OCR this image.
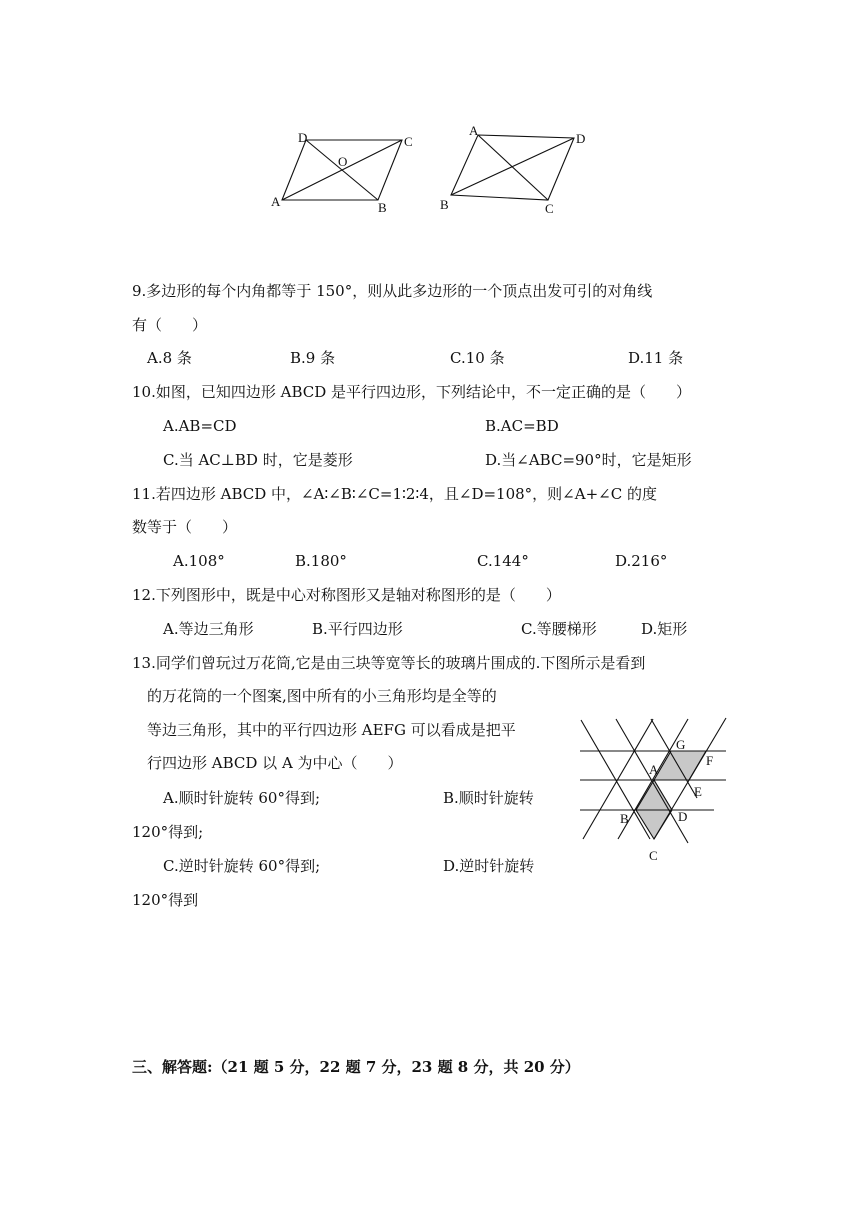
D	C
O
A	B
A
D
B	C
9.多边形的每个内角都等于 150°，则从此多边形的一个顶点出发可引的对角线
有（　　）
A.8 条	B.9 条	C.10 条	D.11 条
10.如图，已知四边形 ABCD 是平行四边形，下列结论中，不一定正确的是（　　）
A.AB=CD	B.AC=BD
C.当 AC⊥BD 时，它是菱形	D.当∠ABC=90°时，它是矩形
11.若四边形 ABCD 中，∠A∶∠B∶∠C=1∶2∶4，且∠D=108°，则∠A+∠C 的度
数等于（　　）
A.108°	B.180°	C.144°	D.216°
12.下列图形中，既是中心对称图形又是轴对称图形的是（　　）
A.等边三角形	B.平行四边形	C.等腰梯形	D.矩形
13.同学们曾玩过万花筒,它是由三块等宽等长的玻璃片围成的.下图所示是看到
的万花筒的一个图案,图中所有的小三角形均是全等的
等边三角形，其中的平行四边形 AEFG 可以看成是把平
行四边形 ABCD 以 A 为中心（　　）
A.顺时针旋转 60°得到;	B.顺时针旋转
120°得到;
C.逆时针旋转 60°得到;	D.逆时针旋转
120°得到
G
F
A
E
B	D
C
三、解答题:（21 题 5 分，22 题 7 分，23 题 8 分，共 20 分）
